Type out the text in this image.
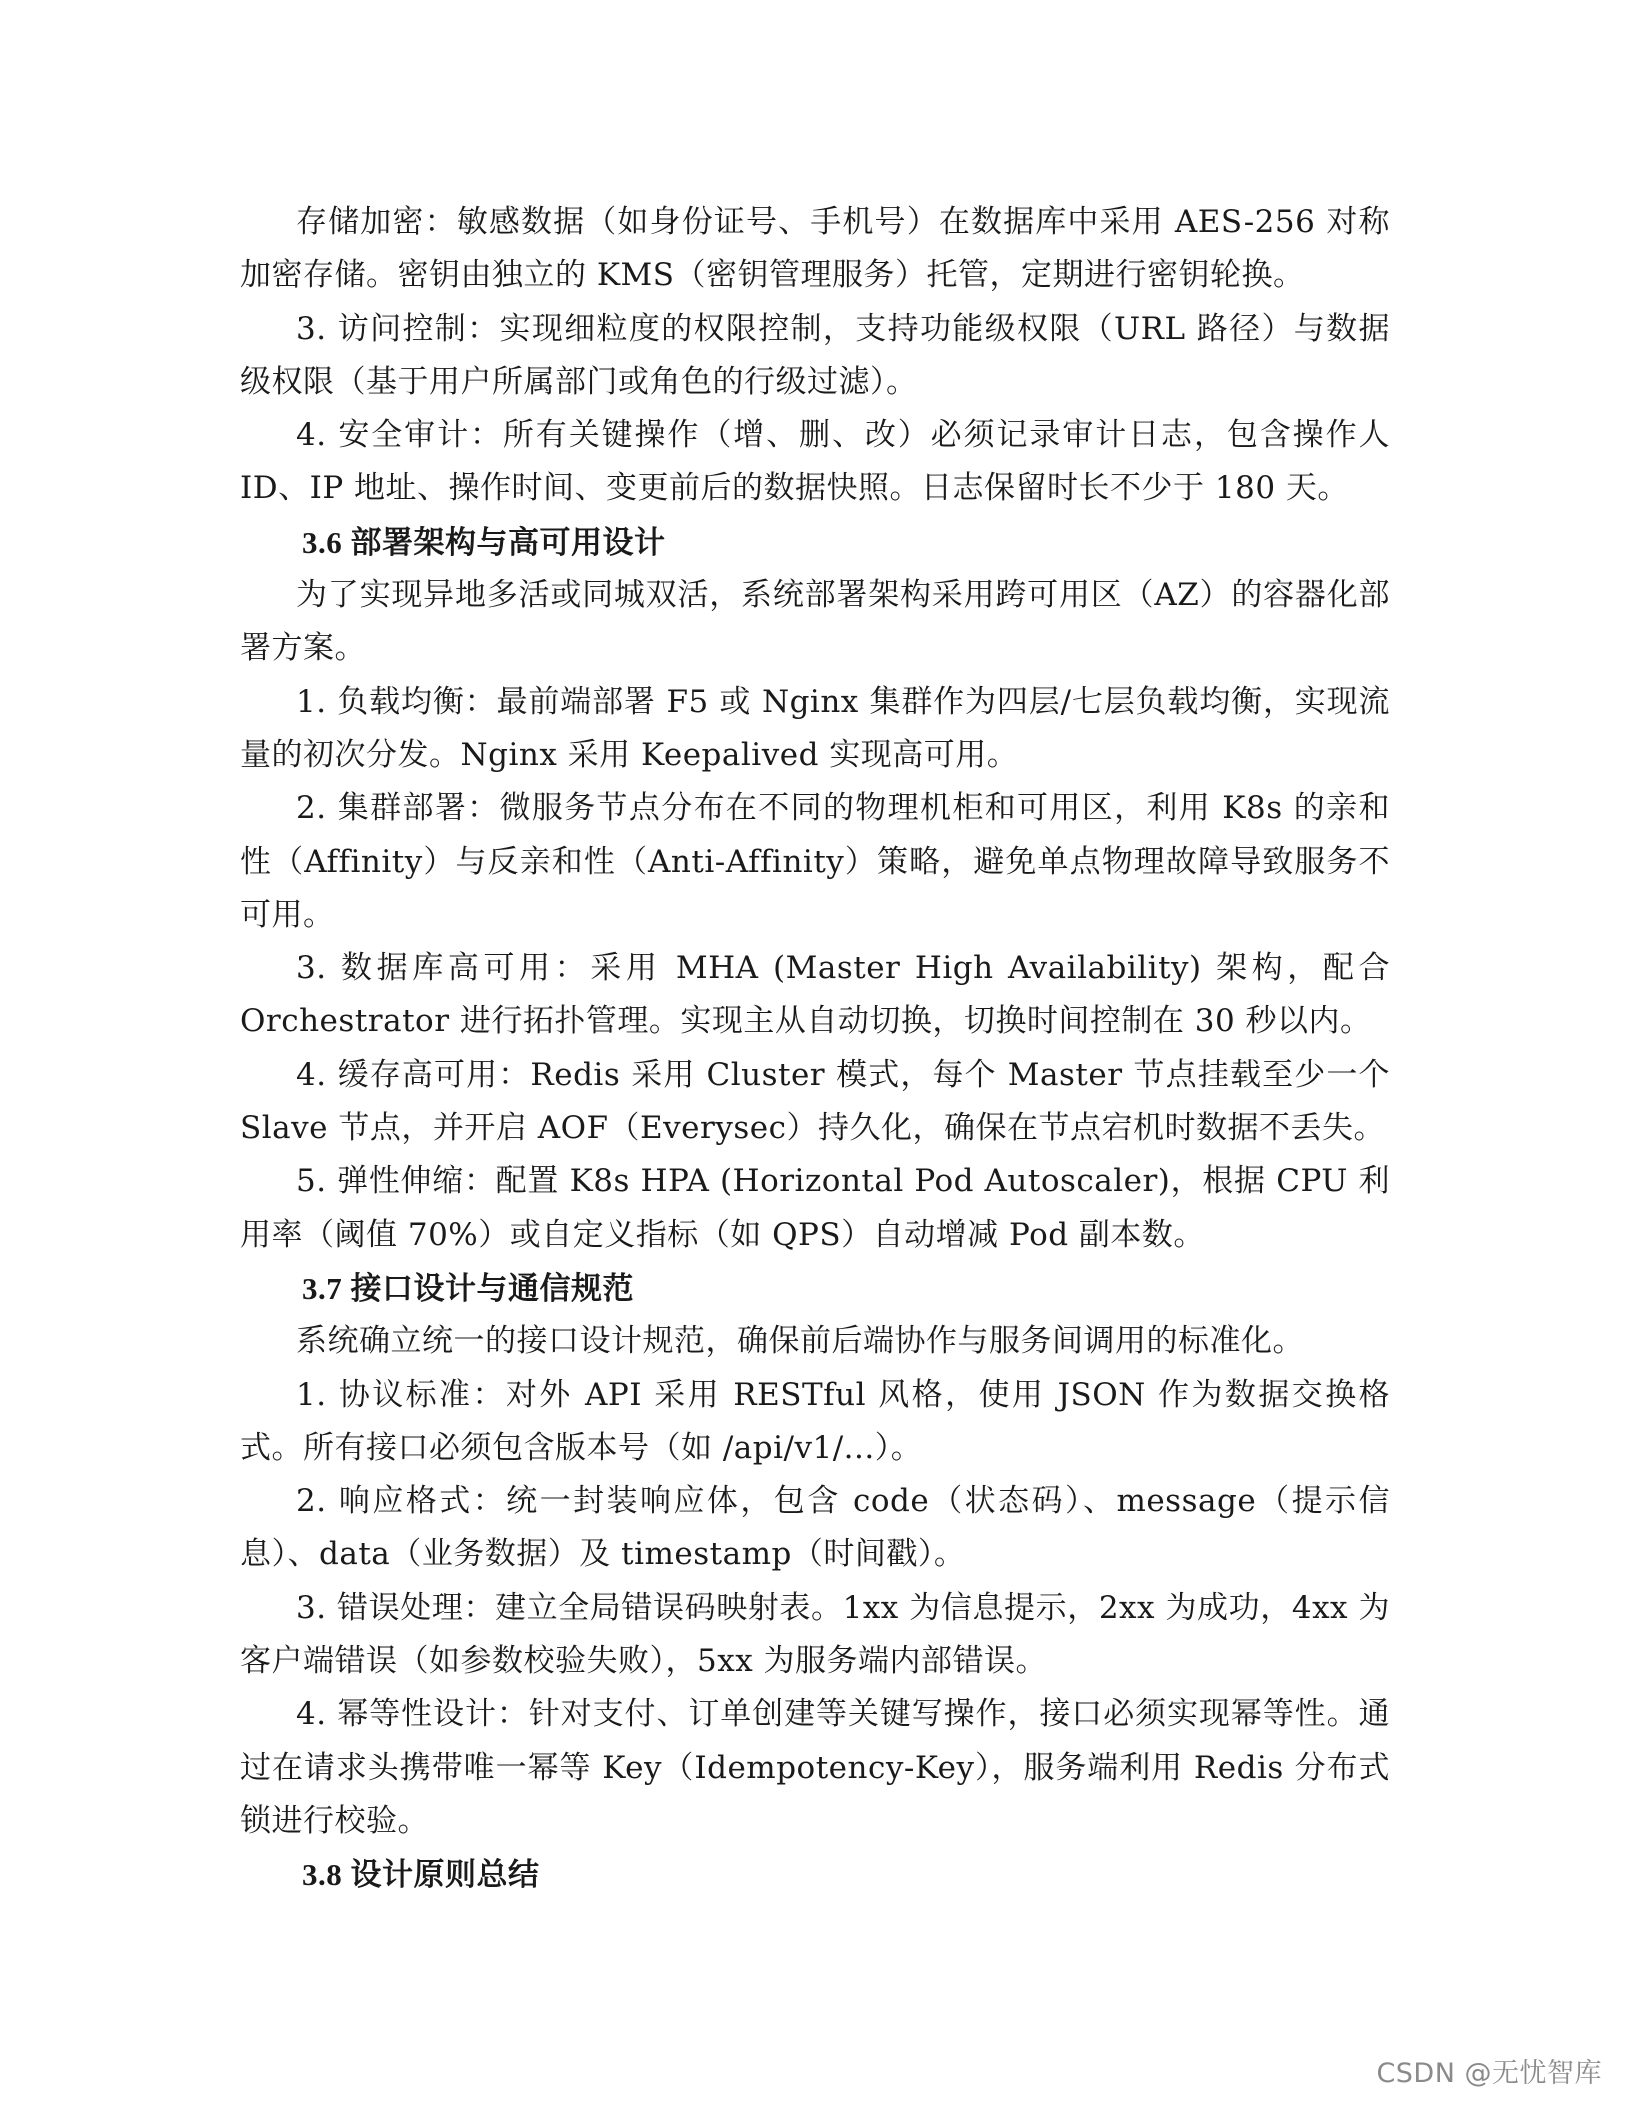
存储加密：敏感数据（如身份证号、手机号）在数据库中采用 AES-256 对称加密存储。密钥由独立的 KMS（密钥管理服务）托管，定期进行密钥轮换。

3. 访问控制：实现细粒度的权限控制，支持功能级权限（URL 路径）与数据级权限（基于用户所属部门或角色的行级过滤）。

4. 安全审计：所有关键操作（增、删、改）必须记录审计日志，包含操作人 ID、IP 地址、操作时间、变更前后的数据快照。日志保留时长不少于 180 天。

3.6 部署架构与高可用设计

为了实现异地多活或同城双活，系统部署架构采用跨可用区（AZ）的容器化部署方案。

1. 负载均衡：最前端部署 F5 或 Nginx 集群作为四层/七层负载均衡，实现流量的初次分发。Nginx 采用 Keepalived 实现高可用。

2. 集群部署：微服务节点分布在不同的物理机柜和可用区，利用 K8s 的亲和性（Affinity）与反亲和性（Anti-Affinity）策略，避免单点物理故障导致服务不可用。

3. 数据库高可用：采用 MHA (Master High Availability) 架构，配合 Orchestrator 进行拓扑管理。实现主从自动切换，切换时间控制在 30 秒以内。

4. 缓存高可用：Redis 采用 Cluster 模式，每个 Master 节点挂载至少一个 Slave 节点，并开启 AOF（Everysec）持久化，确保在节点宕机时数据不丢失。

5. 弹性伸缩：配置 K8s HPA (Horizontal Pod Autoscaler)，根据 CPU 利用率（阈值 70%）或自定义指标（如 QPS）自动增减 Pod 副本数。

3.7 接口设计与通信规范

系统确立统一的接口设计规范，确保前后端协作与服务间调用的标准化。

1. 协议标准：对外 API 采用 RESTful 风格，使用 JSON 作为数据交换格式。所有接口必须包含版本号（如 /api/v1/...）。

2. 响应格式：统一封装响应体，包含 code（状态码）、message（提示信息）、data（业务数据）及 timestamp（时间戳）。

3. 错误处理：建立全局错误码映射表。1xx 为信息提示，2xx 为成功，4xx 为客户端错误（如参数校验失败），5xx 为服务端内部错误。

4. 幂等性设计：针对支付、订单创建等关键写操作，接口必须实现幂等性。通过在请求头携带唯一幂等 Key（Idempotency-Key），服务端利用 Redis 分布式锁进行校验。

3.8 设计原则总结

CSDN @无忧智库
